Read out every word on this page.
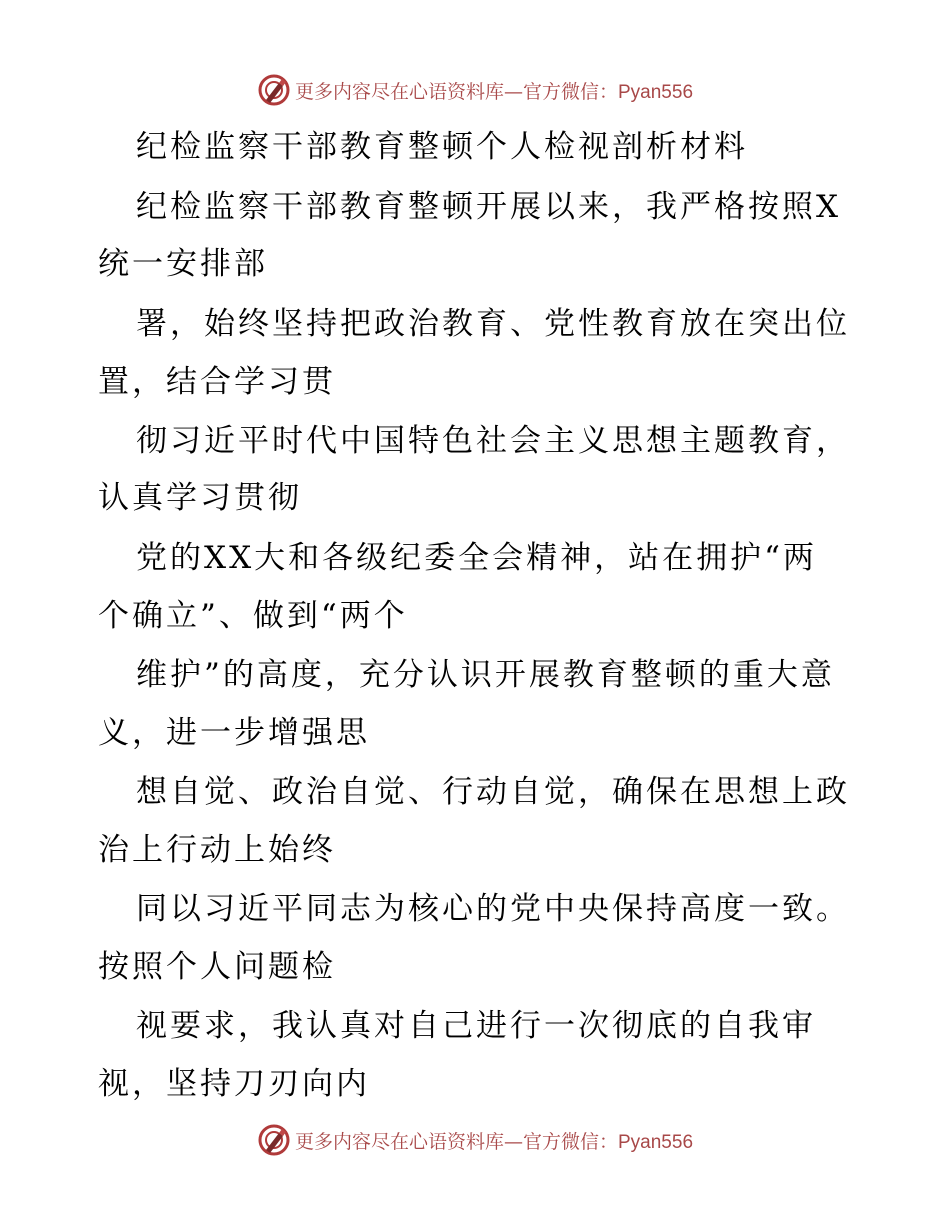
更多内容尽在心语资料库—官方微信：Pyan556
纪检监察干部教育整顿个人检视剖析材料
纪检监察干部教育整顿开展以来，我严格按照X
统一安排部
署，始终坚持把政治教育、党性教育放在突出位
置，结合学习贯
彻习近平时代中国特色社会主义思想主题教育，
认真学习贯彻
党的XX大和各级纪委全会精神，站在拥护“两
个确立”、做到“两个
维护”的高度，充分认识开展教育整顿的重大意
义，进一步增强思
想自觉、政治自觉、行动自觉，确保在思想上政
治上行动上始终
同以习近平同志为核心的党中央保持高度一致。
按照个人问题检
视要求，我认真对自己进行一次彻底的自我审
视，坚持刀刃向内
更多内容尽在心语资料库—官方微信：Pyan556
